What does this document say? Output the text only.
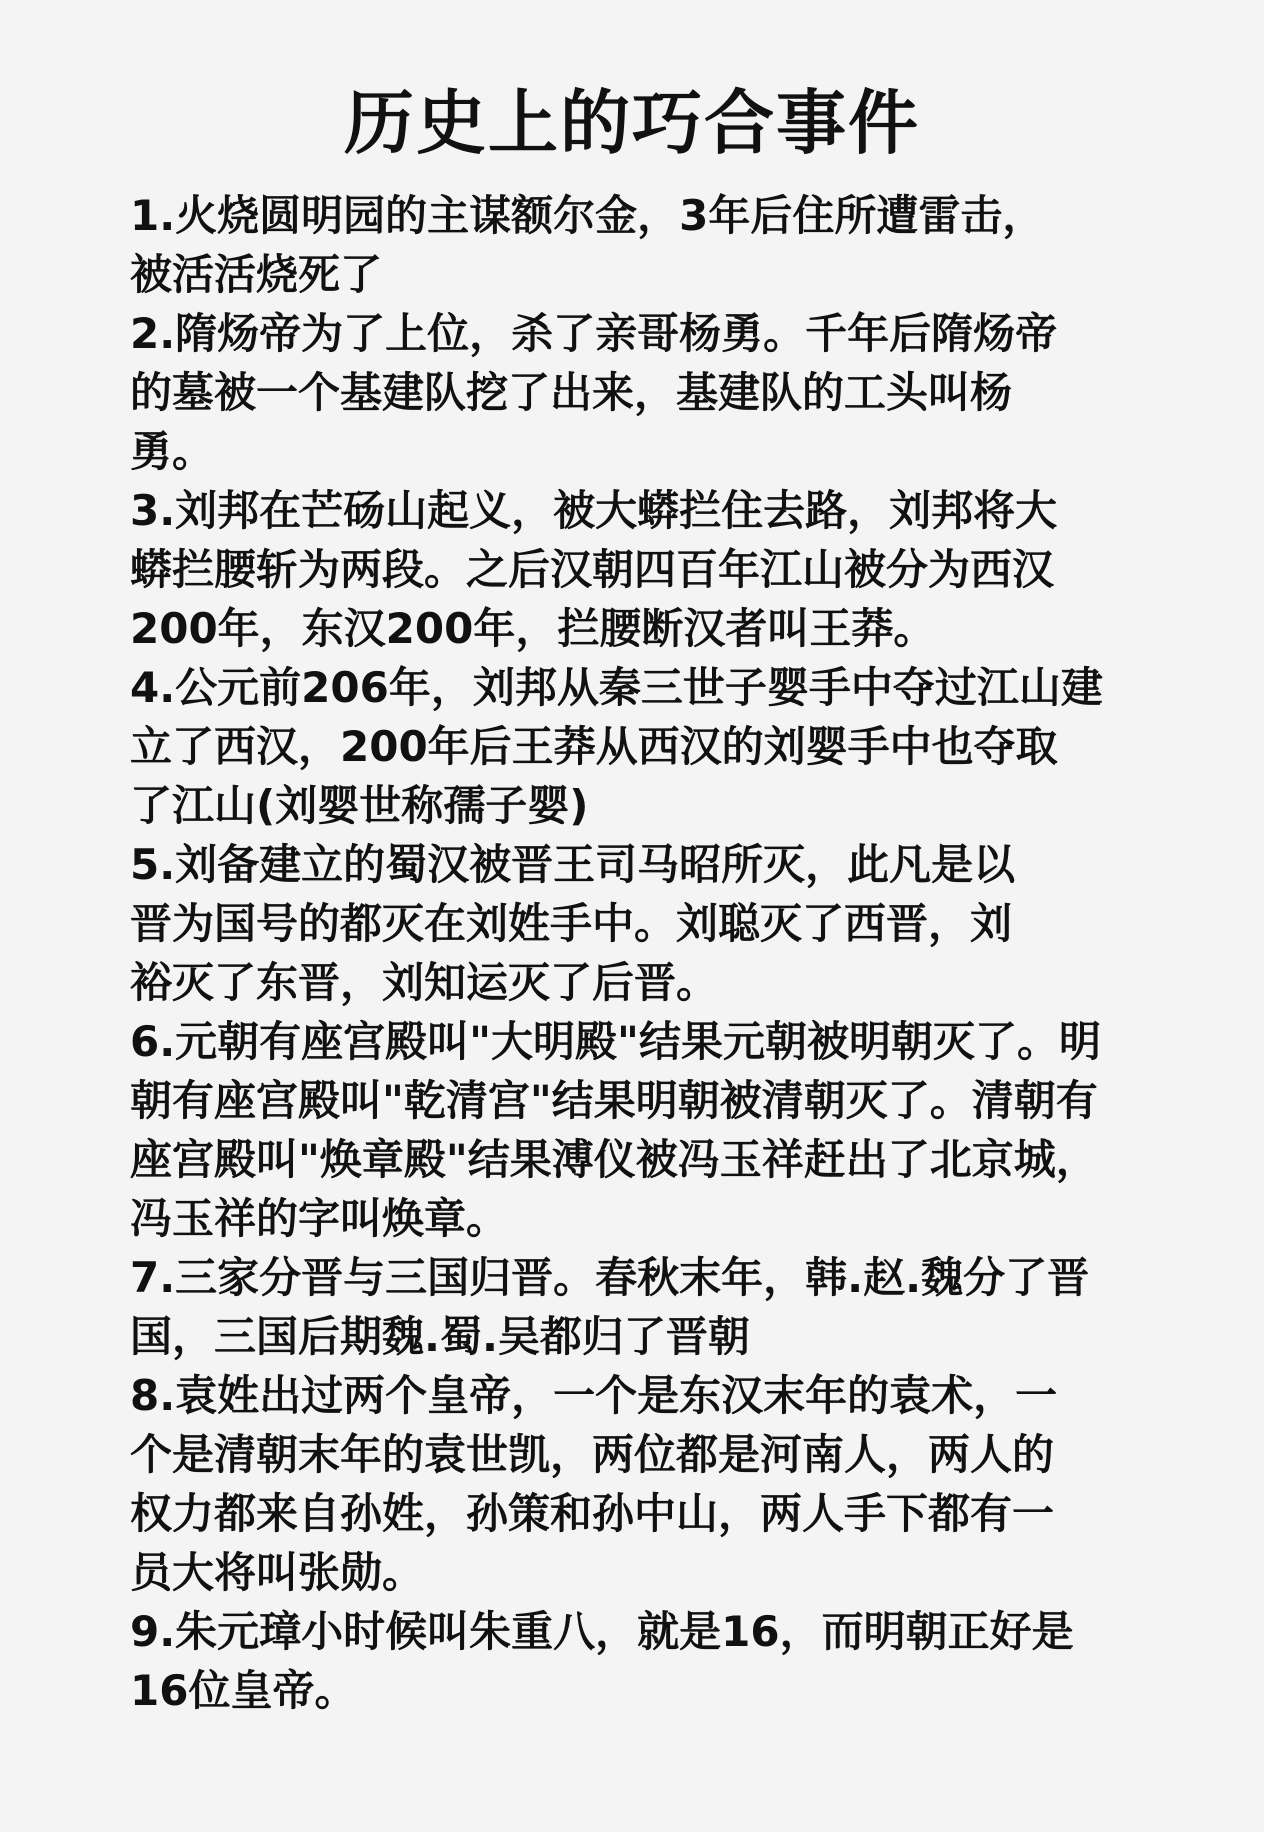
历史上的巧合事件
1.火烧圆明园的主谋额尔金，3年后住所遭雷击，
被活活烧死了
2.隋炀帝为了上位，杀了亲哥杨勇。千年后隋炀帝
的墓被一个基建队挖了出来，基建队的工头叫杨
勇。
3.刘邦在芒砀山起义，被大蟒拦住去路，刘邦将大
蟒拦腰斩为两段。之后汉朝四百年江山被分为西汉
200年，东汉200年，拦腰断汉者叫王莽。
4.公元前206年，刘邦从秦三世子婴手中夺过江山建
立了西汉，200年后王莽从西汉的刘婴手中也夺取
了江山(刘婴世称孺子婴)
5.刘备建立的蜀汉被晋王司马昭所灭，此凡是以
晋为国号的都灭在刘姓手中。刘聪灭了西晋，刘
裕灭了东晋，刘知运灭了后晋。
6.元朝有座宫殿叫"大明殿"结果元朝被明朝灭了。明
朝有座宫殿叫"乾清宫"结果明朝被清朝灭了。清朝有
座宫殿叫"焕章殿"结果溥仪被冯玉祥赶出了北京城，
冯玉祥的字叫焕章。
7.三家分晋与三国归晋。春秋末年，韩.赵.魏分了晋
国，三国后期魏.蜀.吴都归了晋朝
8.袁姓出过两个皇帝，一个是东汉末年的袁术，一
个是清朝末年的袁世凯，两位都是河南人，两人的
权力都来自孙姓，孙策和孙中山，两人手下都有一
员大将叫张勋。
9.朱元璋小时候叫朱重八，就是16，而明朝正好是
16位皇帝。
